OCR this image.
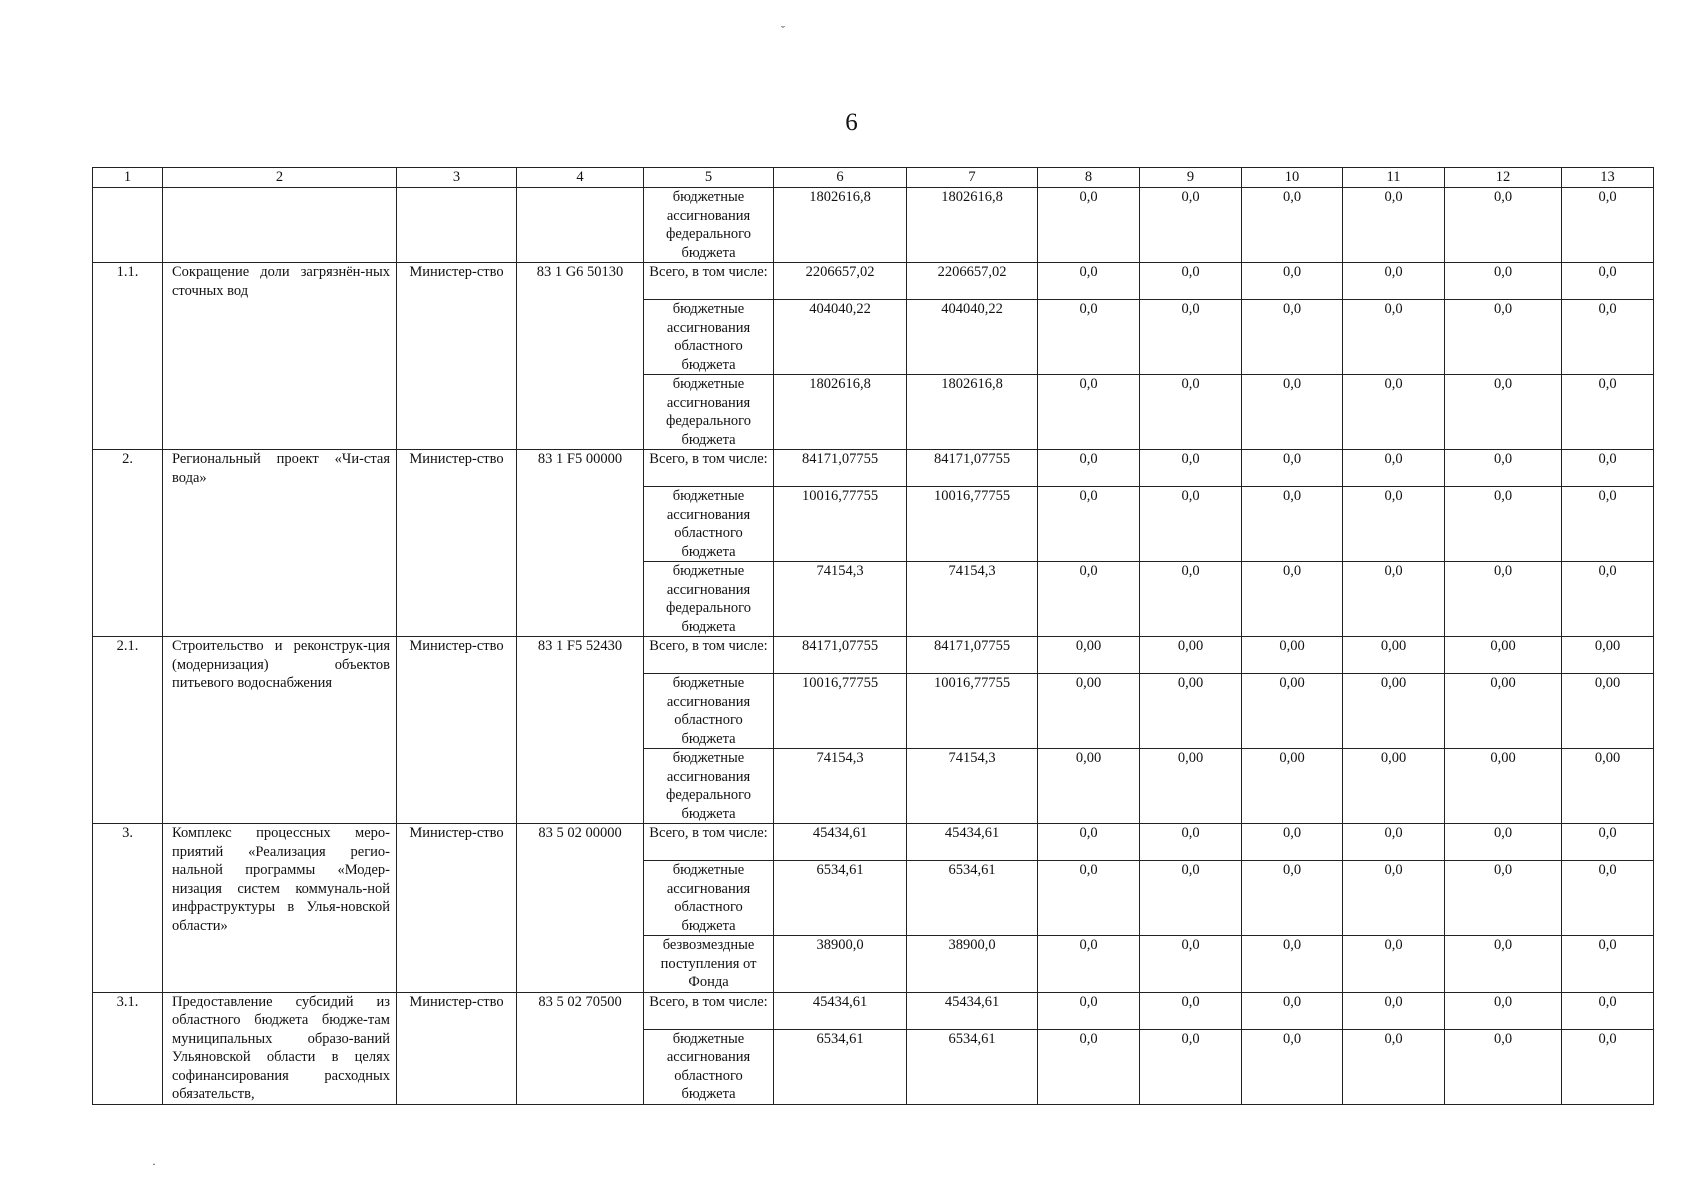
6
1	2	3	4	5	6	7	8	9	10	11	12	13
				бюджетные ассигнования федерального бюджета	1802616,8	1802616,8	0,0	0,0	0,0	0,0	0,0	0,0
1.1.	Сокращение доли загрязнён-ных сточных вод	Министер-ство	83 1 G6 50130	Всего, в том числе:	2206657,02	2206657,02	0,0	0,0	0,0	0,0	0,0	0,0
				бюджетные ассигнования областного бюджета	404040,22	404040,22	0,0	0,0	0,0	0,0	0,0	0,0
				бюджетные ассигнования федерального бюджета	1802616,8	1802616,8	0,0	0,0	0,0	0,0	0,0	0,0
2.	Региональный проект «Чи-стая вода»	Министер-ство	83 1 F5 00000	Всего, в том числе:	84171,07755	84171,07755	0,0	0,0	0,0	0,0	0,0	0,0
				бюджетные ассигнования областного бюджета	10016,77755	10016,77755	0,0	0,0	0,0	0,0	0,0	0,0
				бюджетные ассигнования федерального бюджета	74154,3	74154,3	0,0	0,0	0,0	0,0	0,0	0,0
2.1.	Строительство и реконструк-ция (модернизация) объектов питьевого водоснабжения	Министер-ство	83 1 F5 52430	Всего, в том числе:	84171,07755	84171,07755	0,00	0,00	0,00	0,00	0,00	0,00
				бюджетные ассигнования областного бюджета	10016,77755	10016,77755	0,00	0,00	0,00	0,00	0,00	0,00
				бюджетные ассигнования федерального бюджета	74154,3	74154,3	0,00	0,00	0,00	0,00	0,00	0,00
3.	Комплекс процессных меро-приятий «Реализация регио-нальной программы «Модер-низация систем коммуналь-ной инфраструктуры в Улья-новской области»	Министер-ство	83 5 02 00000	Всего, в том числе:	45434,61	45434,61	0,0	0,0	0,0	0,0	0,0	0,0
				бюджетные ассигнования областного бюджета	6534,61	6534,61	0,0	0,0	0,0	0,0	0,0	0,0
				безвозмездные поступления от Фонда	38900,0	38900,0	0,0	0,0	0,0	0,0	0,0	0,0
3.1.	Предоставление субсидий из областного бюджета бюдже-там муниципальных образо-ваний Ульяновской области в целях софинансирования расходных обязательств,	Министер-ство	83 5 02 70500	Всего, в том числе:	45434,61	45434,61	0,0	0,0	0,0	0,0	0,0	0,0
				бюджетные ассигнования областного бюджета	6534,61	6534,61	0,0	0,0	0,0	0,0	0,0	0,0
˘
·
